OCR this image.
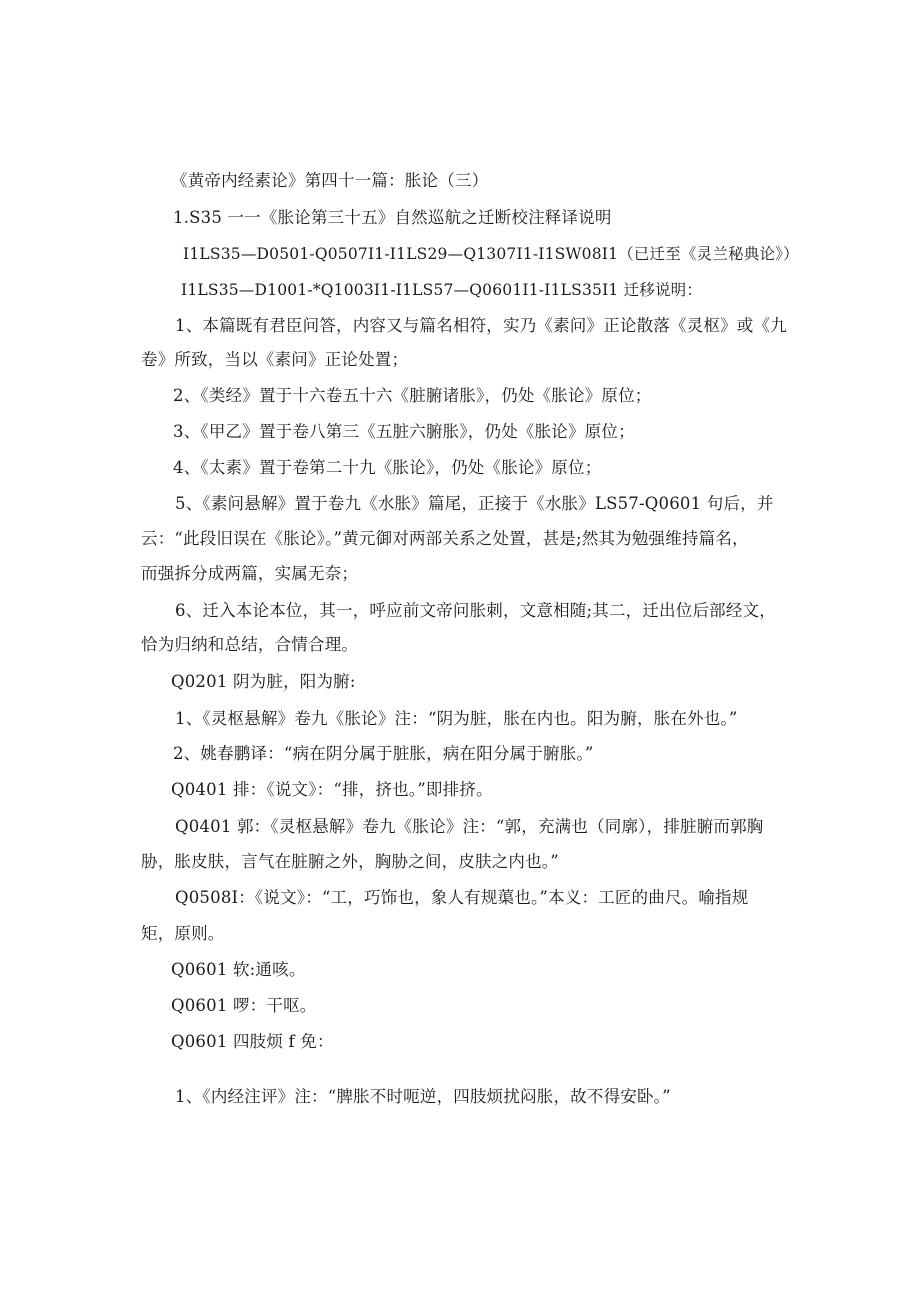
《黄帝内经素论》第四十一篇：胀论（三）
1.S35 一一《胀论第三十五》自然巡航之迁断校注释译说明
I1LS35—D0501-Q0507I1-I1LS29—Q1307I1-I1SW08I1（已迁至《灵兰秘典论》）
I1LS35—D1001-*Q1003I1-I1LS57—Q0601I1-I1LS35I1 迁移说明：
1、本篇既有君臣问答，内容又与篇名相符，实乃《素问》正论散落《灵枢》或《九
卷》所致，当以《素问》正论处置；
2、《类经》置于十六卷五十六《脏腑诸胀》，仍处《胀论》原位；
3、《甲乙》置于卷八第三《五脏六腑胀》，仍处《胀论》原位；
4、《太素》置于卷第二十九《胀论》，仍处《胀论》原位；
5、《素问悬解》置于卷九《水胀》篇尾，正接于《水胀》LS57-Q0601 句后，并
云：“此段旧误在《胀论》。”黄元御对两部关系之处置，甚是;然其为勉强维持篇名，
而强拆分成两篇，实属无奈；
6、迁入本论本位，其一，呼应前文帝问胀刺，文意相随;其二，迁出位后部经文，
恰为归纳和总结，合情合理。
Q0201 阴为脏，阳为腑:
1、《灵枢悬解》卷九《胀论》注：“阴为脏，胀在内也。阳为腑，胀在外也。”
2、姚春鹏译：“病在阴分属于脏胀，病在阳分属于腑胀。”
Q0401 排：《说文》：“排，挤也。”即排挤。
Q0401 郭：《灵枢悬解》卷九《胀论》注：“郭，充满也（同廓），排脏腑而郭胸
胁，胀皮肤，言气在脏腑之外，胸胁之间，皮肤之内也。”
Q0508I：《说文》：“工，巧饰也，象人有规蕖也。”本义：工匠的曲尺。喻指规
矩，原则。
Q0601 软:通咳。
Q0601 啰：干呕。
Q0601 四肢烦 f 免：
1、《内经注评》注：“脾胀不时呃逆，四肢烦扰闷胀，故不得安卧。”
